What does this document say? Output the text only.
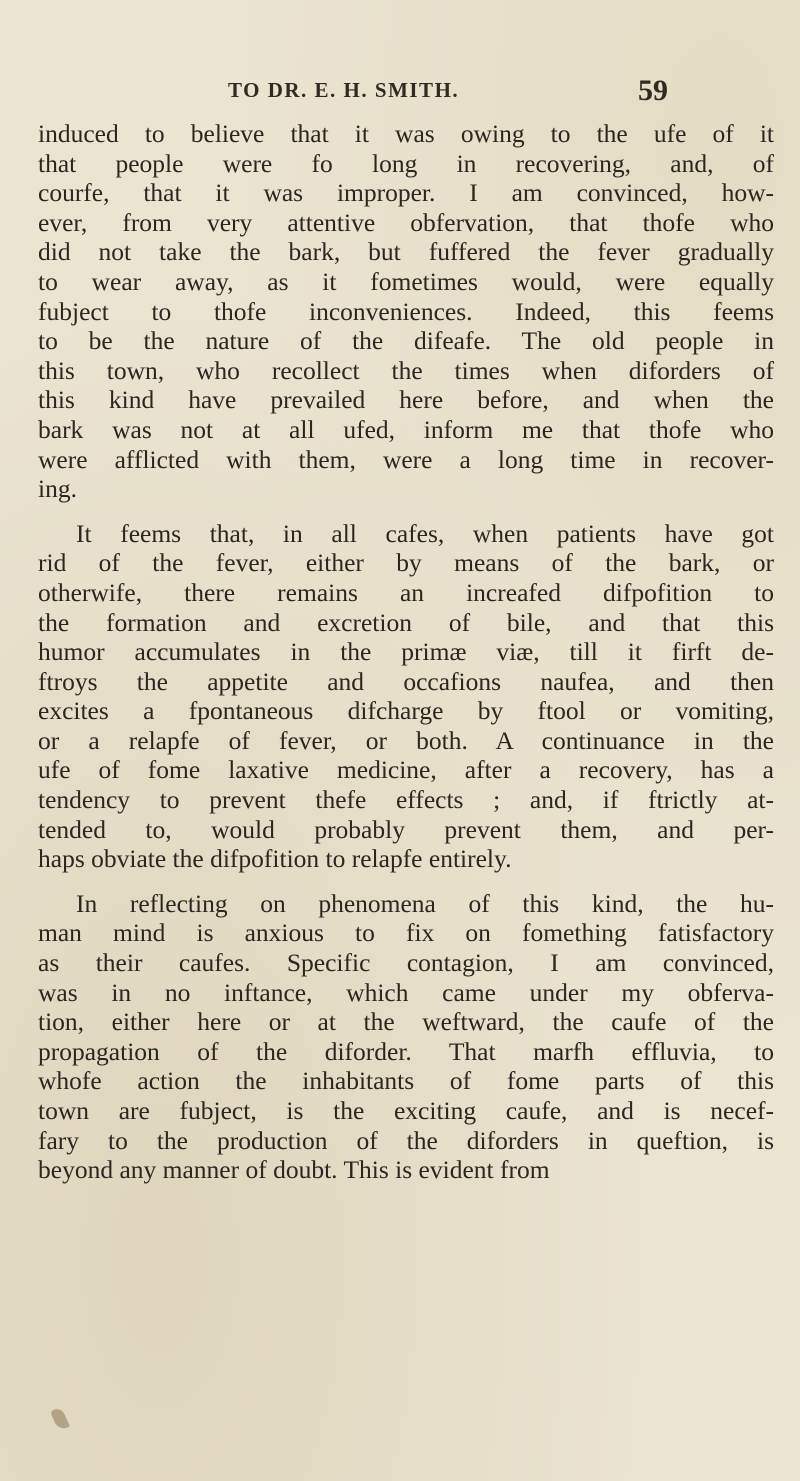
TO DR. E. H. SMITH.	59
induced to believe that it was owing to the ufe of it
that people were fo long in recovering, and, of
courfe, that it was improper. I am convinced, how-
ever, from very attentive obfervation, that thofe who
did not take the bark, but fuffered the fever gradually
to wear away, as it fometimes would, were equally
fubject to thofe inconveniences. Indeed, this feems
to be the nature of the difeafe. The old people in
this town, who recollect the times when diforders of
this kind have prevailed here before, and when the
bark was not at all ufed, inform me that thofe who
were afflicted with them, were a long time in recover-
ing.
It feems that, in all cafes, when patients have got
rid of the fever, either by means of the bark, or
otherwife, there remains an increafed difpofition to
the formation and excretion of bile, and that this
humor accumulates in the primæ viæ, till it firft de-
ftroys the appetite and occafions naufea, and then
excites a fpontaneous difcharge by ftool or vomiting,
or a relapfe of fever, or both. A continuance in the
ufe of fome laxative medicine, after a recovery, has a
tendency to prevent thefe effects ; and, if ftrictly at-
tended to, would probably prevent them, and per-
haps obviate the difpofition to relapfe entirely.
In reflecting on phenomena of this kind, the hu-
man mind is anxious to fix on fomething fatisfactory
as their caufes. Specific contagion, I am convinced,
was in no inftance, which came under my obferva-
tion, either here or at the weftward, the caufe of the
propagation of the diforder. That marfh effluvia, to
whofe action the inhabitants of fome parts of this
town are fubject, is the exciting caufe, and is necef-
fary to the production of the diforders in queftion, is
beyond any manner of doubt. This is evident from
